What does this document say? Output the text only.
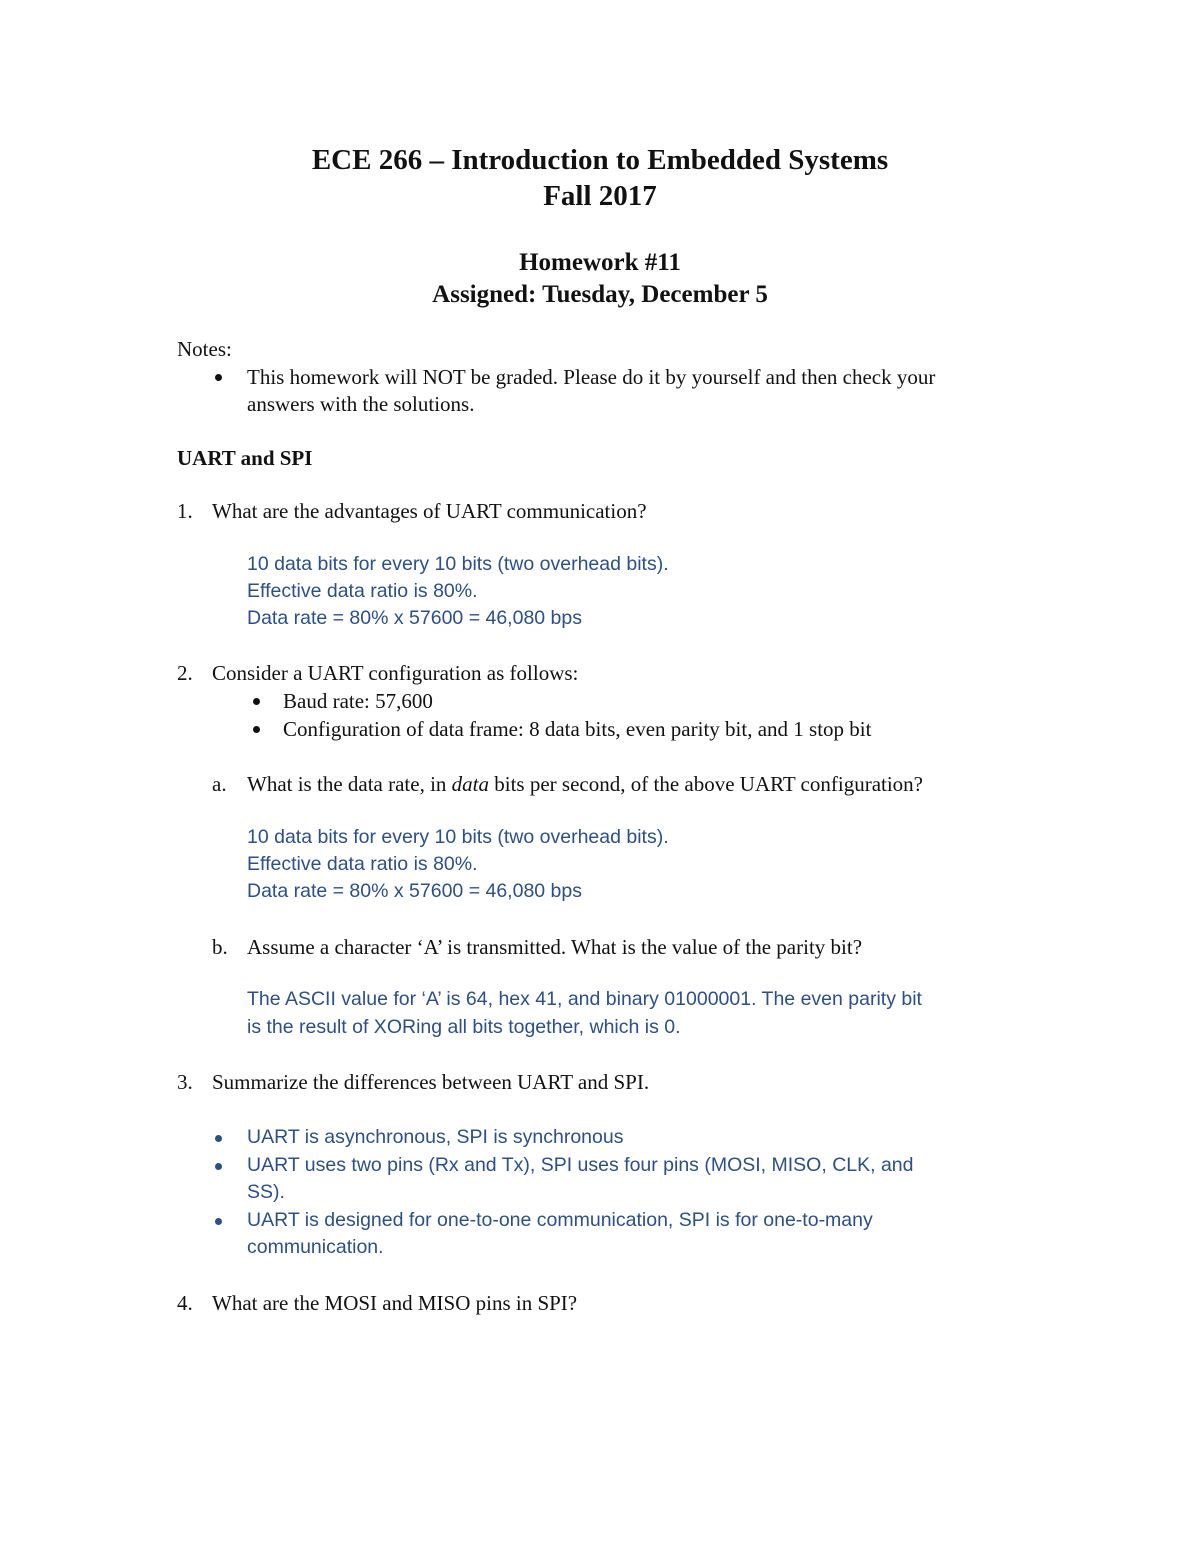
ECE 266 – Introduction to Embedded Systems
Fall 2017
Homework #11
Assigned: Tuesday, December 5
Notes:
This homework will NOT be graded. Please do it by yourself and then check your
answers with the solutions.
UART and SPI
1. What are the advantages of UART communication?
10 data bits for every 10 bits (two overhead bits).
Effective data ratio is 80%.
Data rate = 80% x 57600 = 46,080 bps
2. Consider a UART configuration as follows:
Baud rate: 57,600
Configuration of data frame: 8 data bits, even parity bit, and 1 stop bit
a. What is the data rate, in data bits per second, of the above UART configuration?
10 data bits for every 10 bits (two overhead bits).
Effective data ratio is 80%.
Data rate = 80% x 57600 = 46,080 bps
b. Assume a character ‘A’ is transmitted. What is the value of the parity bit?
The ASCII value for ‘A’ is 64, hex 41, and binary 01000001. The even parity bit
is the result of XORing all bits together, which is 0.
3. Summarize the differences between UART and SPI.
UART is asynchronous, SPI is synchronous
UART uses two pins (Rx and Tx), SPI uses four pins (MOSI, MISO, CLK, and
SS).
UART is designed for one-to-one communication, SPI is for one-to-many
communication.
4. What are the MOSI and MISO pins in SPI?
